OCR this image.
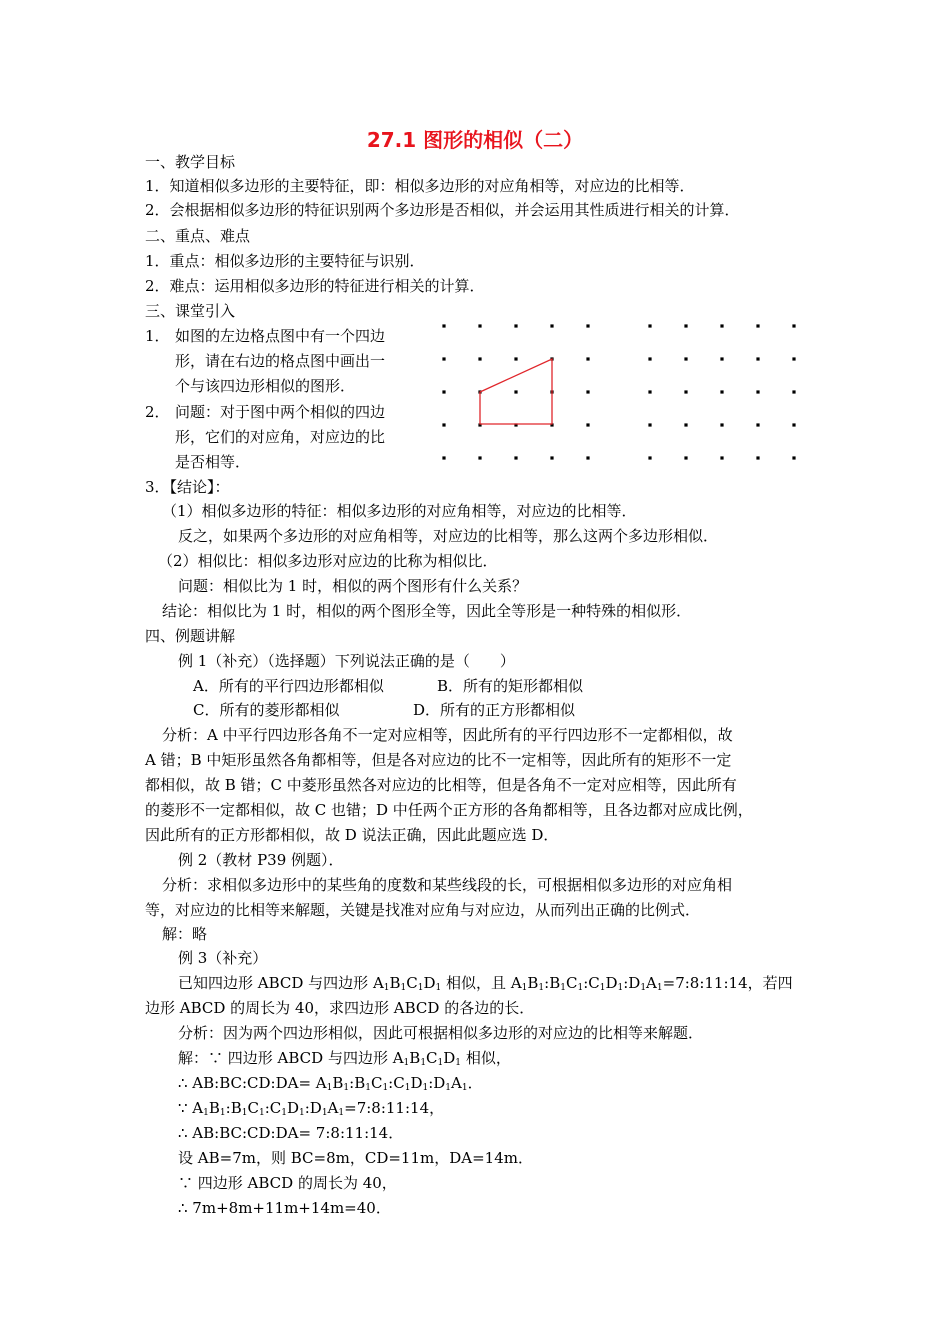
27.1 图形的相似（二）
一、教学目标
1．知道相似多边形的主要特征，即：相似多边形的对应角相等，对应边的比相等．
2．会根据相似多边形的特征识别两个多边形是否相似，并会运用其性质进行相关的计算．
二、重点、难点
1．重点：相似多边形的主要特征与识别．
2．难点：运用相似多边形的特征进行相关的计算．
三、课堂引入
1． 如图的左边格点图中有一个四边
形，请在右边的格点图中画出一
个与该四边形相似的图形．
2． 问题：对于图中两个相似的四边
形，它们的对应角，对应边的比
是否相等．
3．【结论】：
（1）相似多边形的特征：相似多边形的对应角相等，对应边的比相等．
反之，如果两个多边形的对应角相等，对应边的比相等，那么这两个多边形相似．
（2）相似比：相似多边形对应边的比称为相似比．
问题：相似比为 1 时，相似的两个图形有什么关系？
结论：相似比为 1 时，相似的两个图形全等，因此全等形是一种特殊的相似形．
四、例题讲解
例 1（补充）（选择题）下列说法正确的是（　　）
A．所有的平行四边形都相似	B．所有的矩形都相似
C．所有的菱形都相似	D．所有的正方形都相似
分析：A 中平行四边形各角不一定对应相等，因此所有的平行四边形不一定都相似，故
A 错；B 中矩形虽然各角都相等，但是各对应边的比不一定相等，因此所有的矩形不一定
都相似，故 B 错；C 中菱形虽然各对应边的比相等，但是各角不一定对应相等，因此所有
的菱形不一定都相似，故 C 也错；D 中任两个正方形的各角都相等，且各边都对应成比例，
因此所有的正方形都相似，故 D 说法正确，因此此题应选 D．
例 2（教材 P39 例题）．
分析：求相似多边形中的某些角的度数和某些线段的长，可根据相似多边形的对应角相
等，对应边的比相等来解题，关键是找准对应角与对应边，从而列出正确的比例式．
解：略
例 3（补充）
已知四边形 ABCD 与四边形 $A_1B_1C_1D_1$ 相似，且 $A_1B_1:B_1C_1:C_1D_1:D_1A_1=7:8:11:14$，若四
边形 ABCD 的周长为 40，求四边形 ABCD 的各边的长．
分析：因为两个四边形相似，因此可根据相似多边形的对应边的比相等来解题．
解：∵ 四边形 ABCD 与四边形 $A_1B_1C_1D_1$ 相似，
∴ AB:BC:CD:DA= $A_1B_1:B_1C_1:C_1D_1:D_1A_1$．
∵ $A_1B_1:B_1C_1:C_1D_1:D_1A_1=7:8:11:14$，
∴ AB:BC:CD:DA= 7:8:11:14．
设 AB=7m，则 BC=8m，CD=11m，DA=14m．
∵ 四边形 ABCD 的周长为 40，
∴ 7m+8m+11m+14m=40．
